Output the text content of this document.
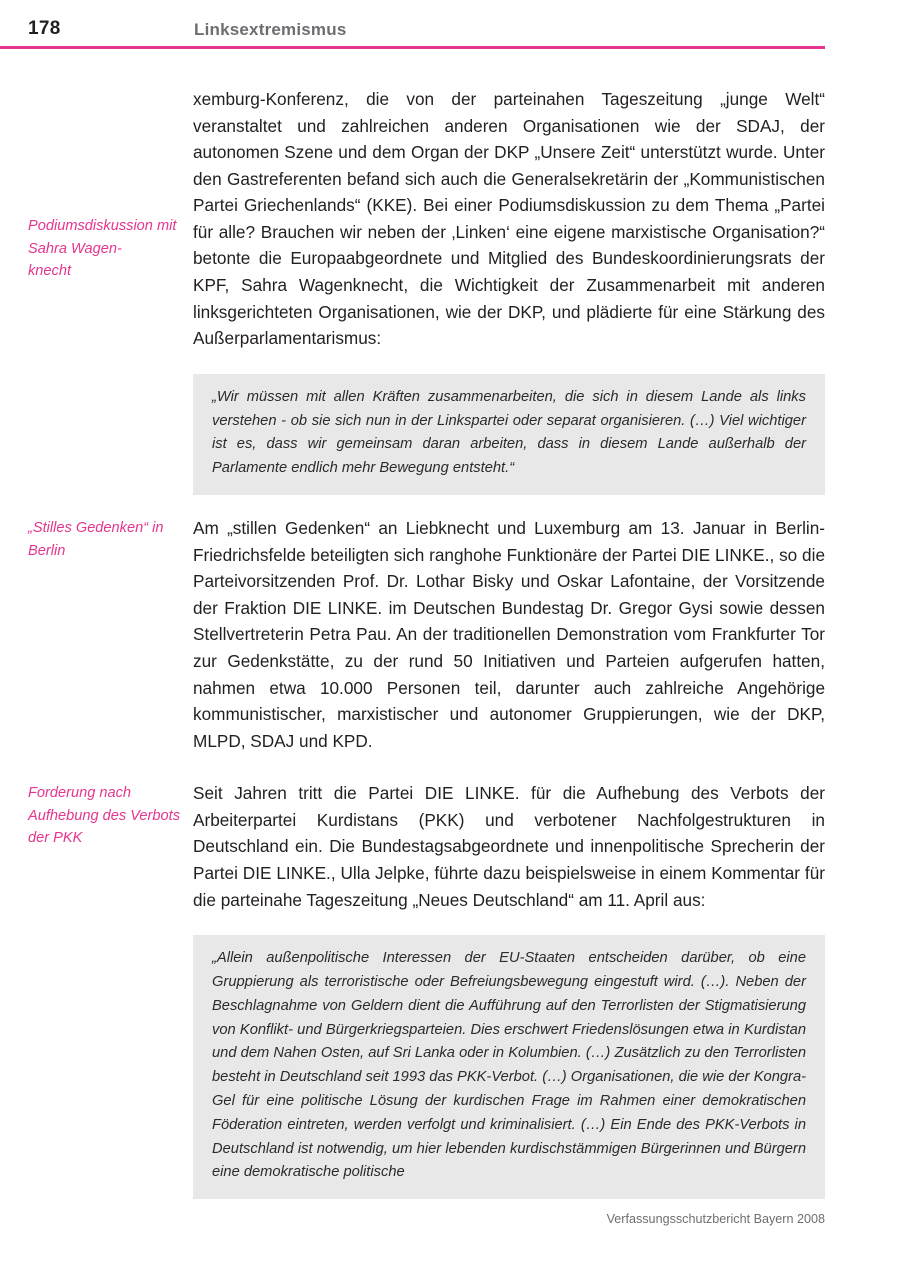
178	Linksextremismus
Podiumsdiskussion mit Sahra Wagen-
knecht
xemburg-Konferenz, die von der parteinahen Tageszeitung „junge Welt“ veranstaltet und zahlreichen anderen Organisationen wie der SDAJ, der autonomen Szene und dem Organ der DKP „Unsere Zeit“ unterstützt wurde. Unter den Gastreferenten befand sich auch die Generalsekretärin der „Kommunistischen Partei Griechenlands“ (KKE). Bei einer Podiumsdiskussion zu dem Thema „Partei für alle? Brauchen wir neben der ‚Linken‘ eine eigene marxistische Organisation?“ betonte die Europaabgeordnete und Mitglied des Bundeskoordinierungsrats der KPF, Sahra Wagenknecht, die Wichtigkeit der Zusammenarbeit mit anderen linksgerichteten Organisationen, wie der DKP, und plädierte für eine Stärkung des Außerparlamentarismus:
„Wir müssen mit allen Kräften zusammenarbeiten, die sich in diesem Lande als links verstehen - ob sie sich nun in der Linkspartei oder separat organisieren. (…) Viel wichtiger ist es, dass wir gemeinsam daran arbeiten, dass in diesem Lande außerhalb der Parlamente endlich mehr Bewegung entsteht.“
„Stilles Gedenken“ in Berlin
Am „stillen Gedenken“ an Liebknecht und Luxemburg am 13. Januar in Berlin-Friedrichsfelde beteiligten sich ranghohe Funktionäre der Partei DIE LINKE., so die Parteivorsitzenden Prof. Dr. Lothar Bisky und Oskar Lafontaine, der Vorsitzende der Fraktion DIE LINKE. im Deutschen Bundestag Dr. Gregor Gysi sowie dessen Stellvertreterin Petra Pau. An der traditionellen Demonstration vom Frankfurter Tor zur Gedenkstätte, zu der rund 50 Initiativen und Parteien aufgerufen hatten, nahmen etwa 10.000 Personen teil, darunter auch zahlreiche Angehörige kommunistischer, marxistischer und autonomer Gruppierungen, wie der DKP, MLPD, SDAJ und KPD.
Forderung nach Aufhebung des Verbots der PKK
Seit Jahren tritt die Partei DIE LINKE. für die Aufhebung des Verbots der Arbeiterpartei Kurdistans (PKK) und verbotener Nachfolgestrukturen in Deutschland ein. Die Bundestagsabgeordnete und innenpolitische Sprecherin der Partei DIE LINKE., Ulla Jelpke, führte dazu beispielsweise in einem Kommentar für die parteinahe Tageszeitung „Neues Deutschland“ am 11. April aus:
„Allein außenpolitische Interessen der EU-Staaten entscheiden darüber, ob eine Gruppierung als terroristische oder Befreiungsbewegung eingestuft wird. (…). Neben der Beschlagnahme von Geldern dient die Aufführung auf den Terrorlisten der Stigmatisierung von Konflikt- und Bürgerkriegsparteien. Dies erschwert Friedenslösungen etwa in Kurdistan und dem Nahen Osten, auf Sri Lanka oder in Kolumbien. (…) Zusätzlich zu den Terrorlisten besteht in Deutschland seit 1993 das PKK-Verbot. (…) Organisationen, die wie der Kongra-Gel für eine politische Lösung der kurdischen Frage im Rahmen einer demokratischen Föderation eintreten, werden verfolgt und kriminalisiert. (…) Ein Ende des PKK-Verbots in Deutschland ist notwendig, um hier lebenden kurdischstämmigen Bürgerinnen und Bürgern eine demokratische politische
Verfassungsschutzbericht Bayern 2008
